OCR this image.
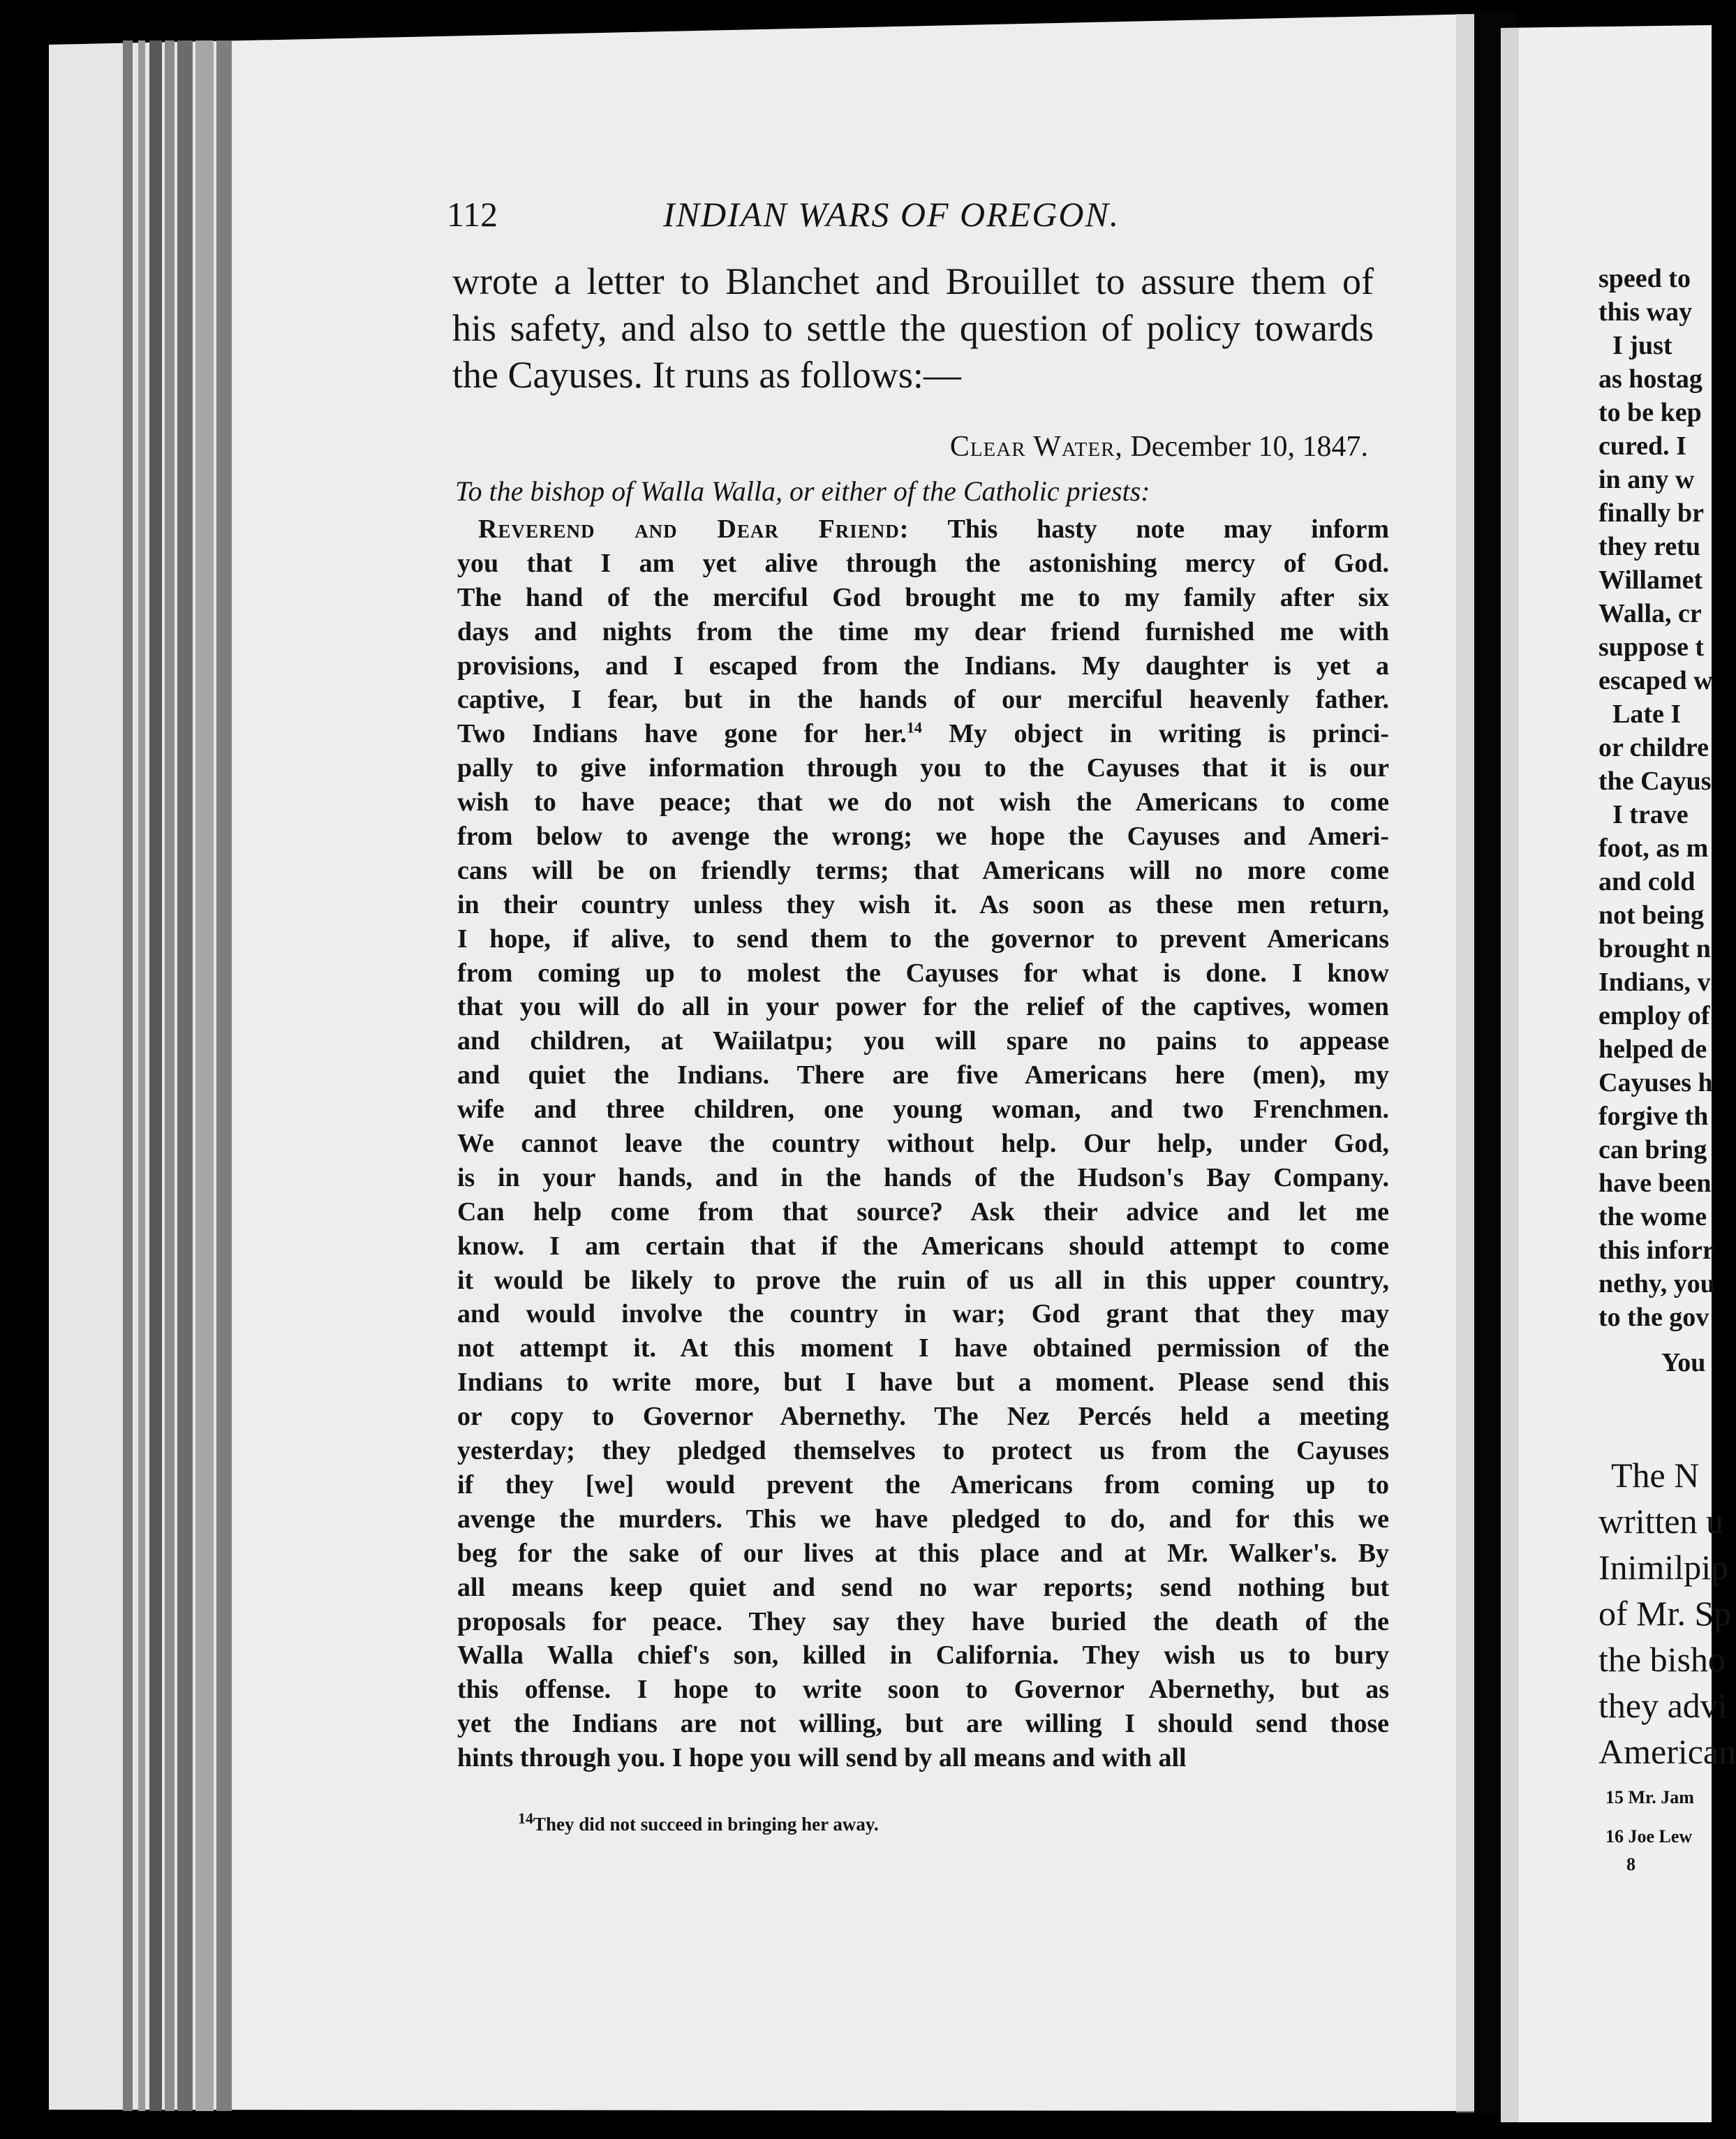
112	INDIAN WARS OF OREGON.
wrote a letter to Blanchet and Brouillet to assure them of
his safety, and also to settle the question of policy towards
the Cayuses. It runs as follows:—
Clear Water, December 10, 1847.
To the bishop of Walla Walla, or either of the Catholic priests:
Reverend and Dear Friend: This hasty note may inform
you that I am yet alive through the astonishing mercy of God.
The hand of the merciful God brought me to my family after six
days and nights from the time my dear friend furnished me with
provisions, and I escaped from the Indians. My daughter is yet a
captive, I fear, but in the hands of our merciful heavenly father.
Two Indians have gone for her.$^{14}$ My object in writing is princi-
pally to give information through you to the Cayuses that it is our
wish to have peace; that we do not wish the Americans to come
from below to avenge the wrong; we hope the Cayuses and Ameri-
cans will be on friendly terms; that Americans will no more come
in their country unless they wish it. As soon as these men return,
I hope, if alive, to send them to the governor to prevent Americans
from coming up to molest the Cayuses for what is done. I know
that you will do all in your power for the relief of the captives, women
and children, at Waiilatpu; you will spare no pains to appease
and quiet the Indians. There are five Americans here (men), my
wife and three children, one young woman, and two Frenchmen.
We cannot leave the country without help. Our help, under God,
is in your hands, and in the hands of the Hudson's Bay Company.
Can help come from that source? Ask their advice and let me
know. I am certain that if the Americans should attempt to come
it would be likely to prove the ruin of us all in this upper country,
and would involve the country in war; God grant that they may
not attempt it. At this moment I have obtained permission of the
Indians to write more, but I have but a moment. Please send this
or copy to Governor Abernethy. The Nez Percés held a meeting
yesterday; they pledged themselves to protect us from the Cayuses
if they [we] would prevent the Americans from coming up to
avenge the murders. This we have pledged to do, and for this we
beg for the sake of our lives at this place and at Mr. Walker's. By
all means keep quiet and send no war reports; send nothing but
proposals for peace. They say they have buried the death of the
Walla Walla chief's son, killed in California. They wish us to bury
this offense. I hope to write soon to Governor Abernethy, but as
yet the Indians are not willing, but are willing I should send those
hints through you. I hope you will send by all means and with all
$^{14}$They did not succeed in bringing her away.
speed to
this way
I just
as hostag
to be kep
cured. I
in any w
finally br
they retu
Willamet
Walla, cr
suppose t
escaped w
Late I
or childre
the Cayus
I trave
foot, as m
and cold
not being
brought n
Indians, v
employ of
helped de
Cayuses h
forgive th
can bring
have been
the wome
this inforr
nethy, you
to the gov
You
The N
written u
Inimilpip
of Mr. Sp
the bisho
they advi
American
15 Mr. Jam
16 Joe Lew
8
